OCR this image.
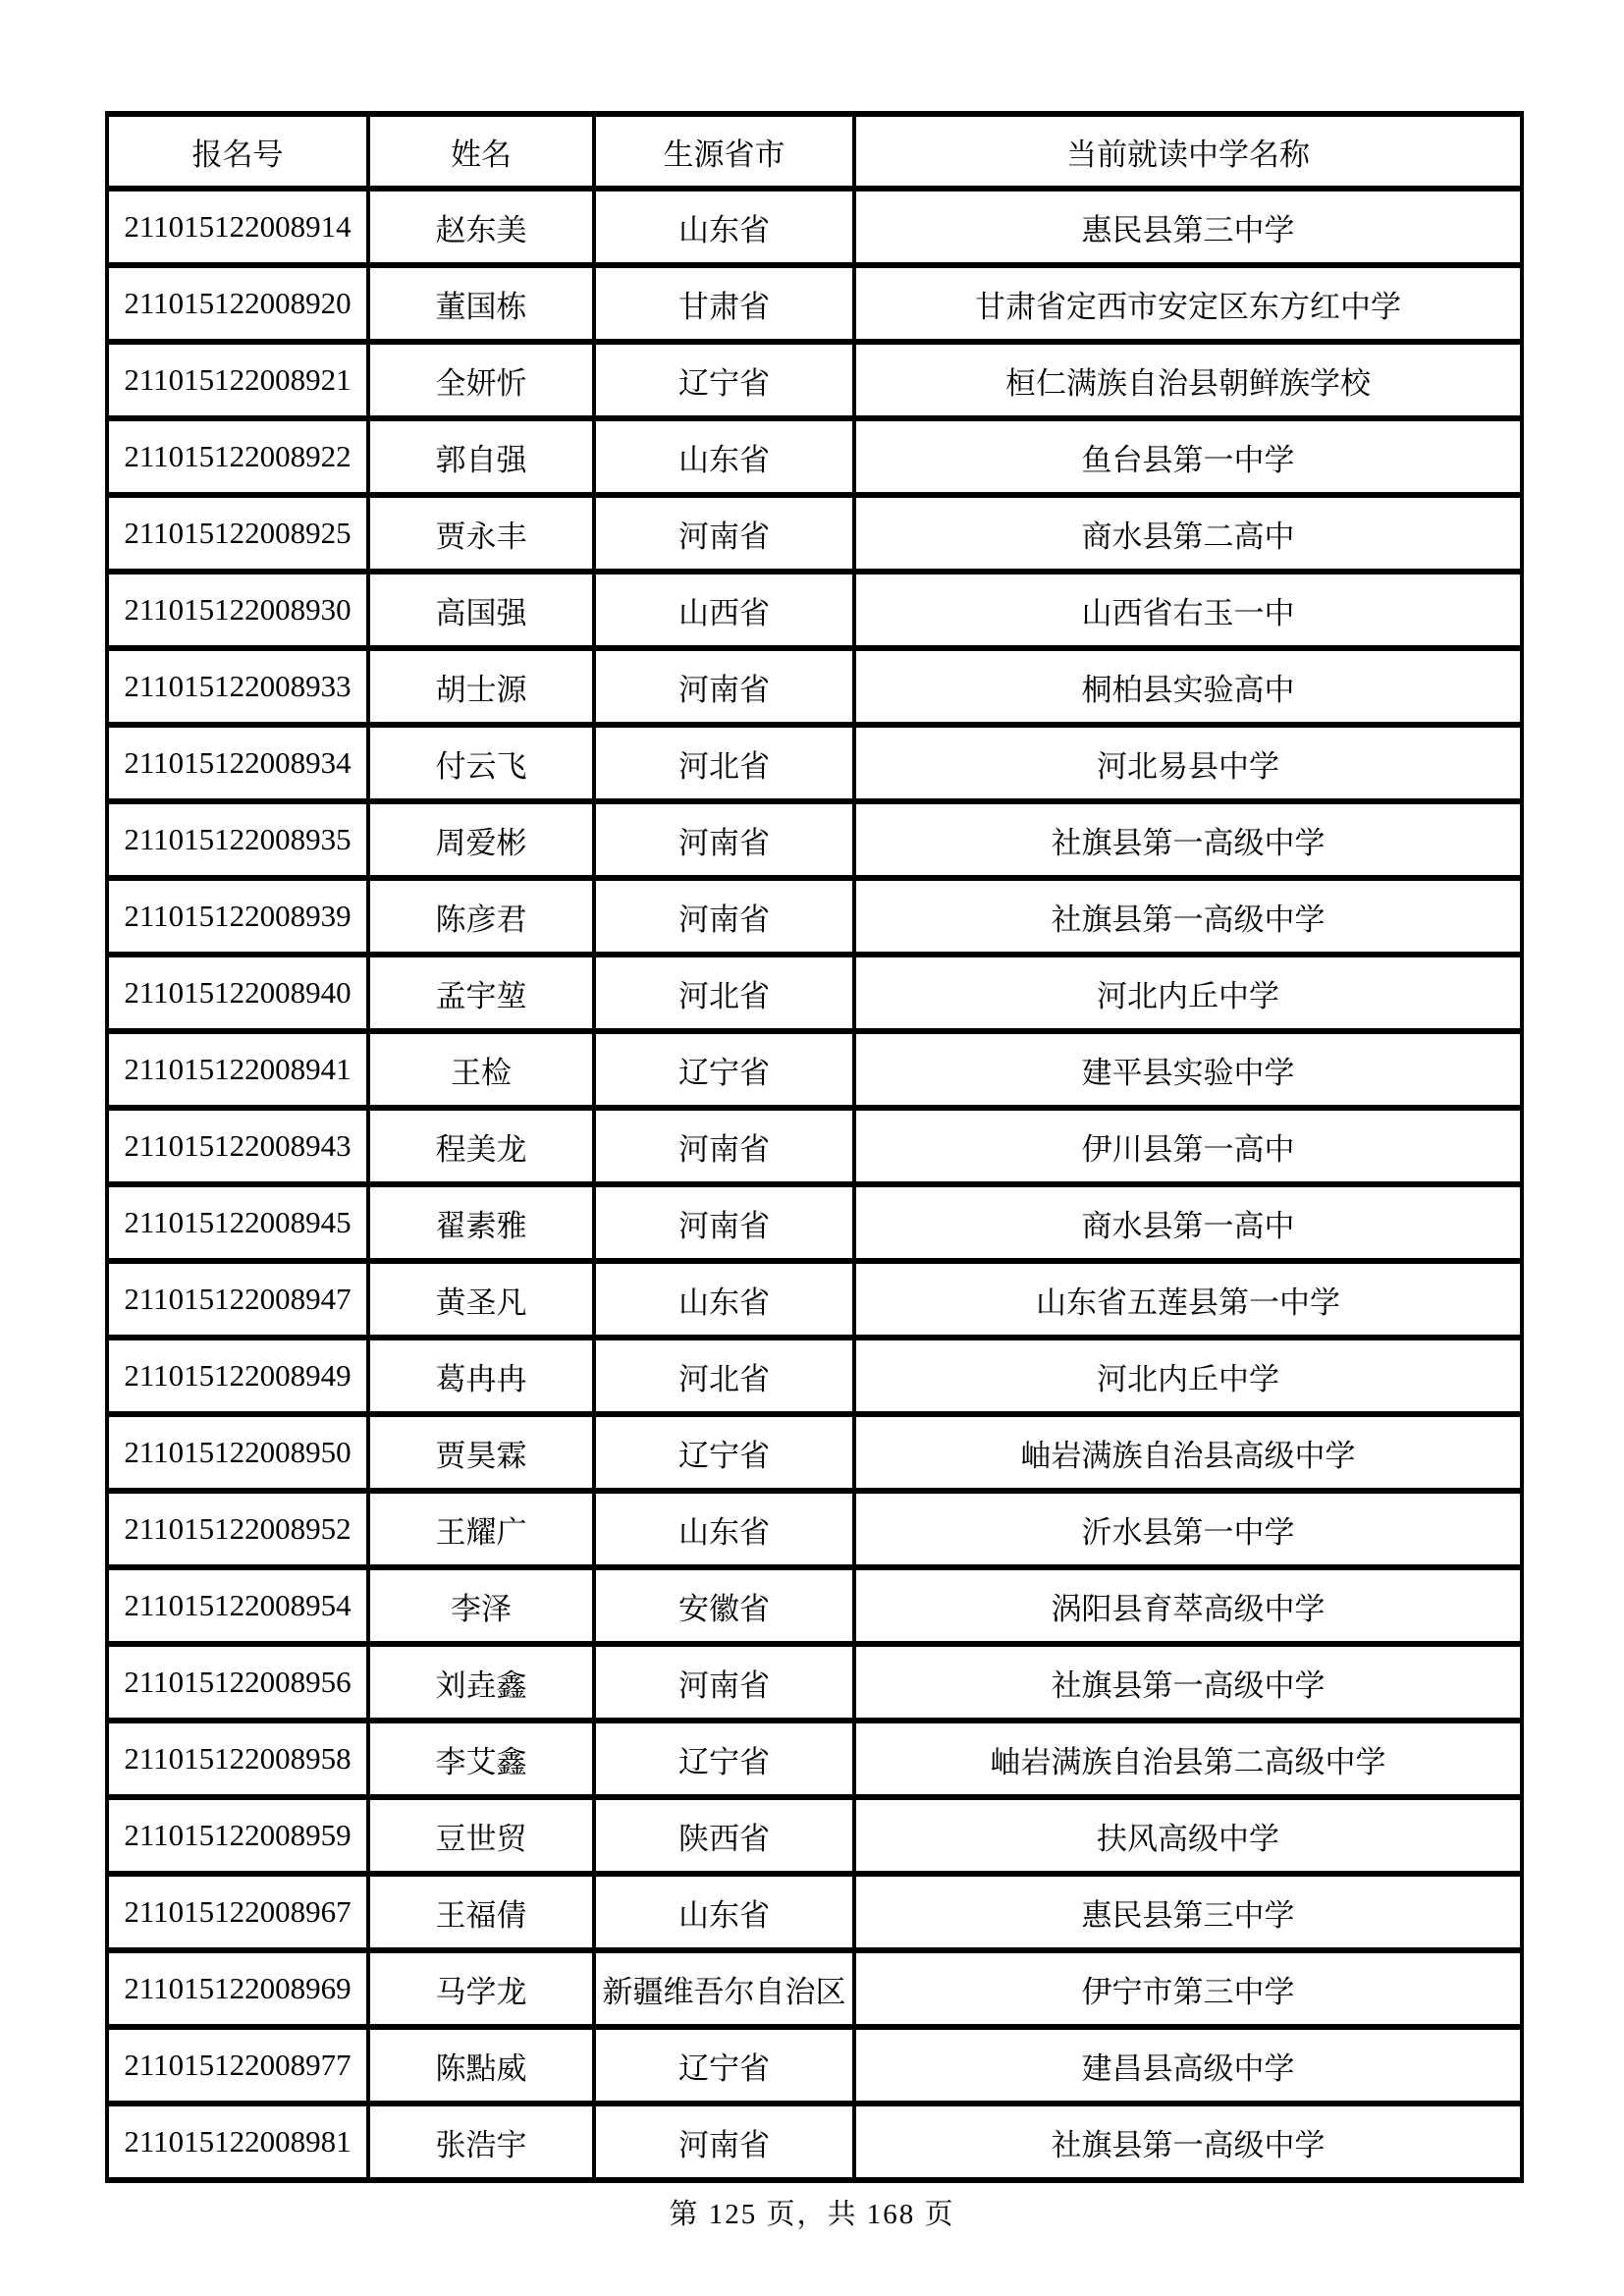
报名号	姓名	生源省市	当前就读中学名称
211015122008914	赵东美	山东省	惠民县第三中学
211015122008920	董国栋	甘肃省	甘肃省定西市安定区东方红中学
211015122008921	全妍忻	辽宁省	桓仁满族自治县朝鲜族学校
211015122008922	郭自强	山东省	鱼台县第一中学
211015122008925	贾永丰	河南省	商水县第二高中
211015122008930	高国强	山西省	山西省右玉一中
211015122008933	胡士源	河南省	桐柏县实验高中
211015122008934	付云飞	河北省	河北易县中学
211015122008935	周爱彬	河南省	社旗县第一高级中学
211015122008939	陈彦君	河南省	社旗县第一高级中学
211015122008940	孟宇堃	河北省	河北内丘中学
211015122008941	王检	辽宁省	建平县实验中学
211015122008943	程美龙	河南省	伊川县第一高中
211015122008945	翟素雅	河南省	商水县第一高中
211015122008947	黄圣凡	山东省	山东省五莲县第一中学
211015122008949	葛冉冉	河北省	河北内丘中学
211015122008950	贾昊霖	辽宁省	岫岩满族自治县高级中学
211015122008952	王耀广	山东省	沂水县第一中学
211015122008954	李泽	安徽省	涡阳县育萃高级中学
211015122008956	刘垚鑫	河南省	社旗县第一高级中学
211015122008958	李艾鑫	辽宁省	岫岩满族自治县第二高级中学
211015122008959	豆世贸	陕西省	扶风高级中学
211015122008967	王福倩	山东省	惠民县第三中学
211015122008969	马学龙	新疆维吾尔自治区	伊宁市第三中学
211015122008977	陈點威	辽宁省	建昌县高级中学
211015122008981	张浩宇	河南省	社旗县第一高级中学
第 125 页，共 168 页
